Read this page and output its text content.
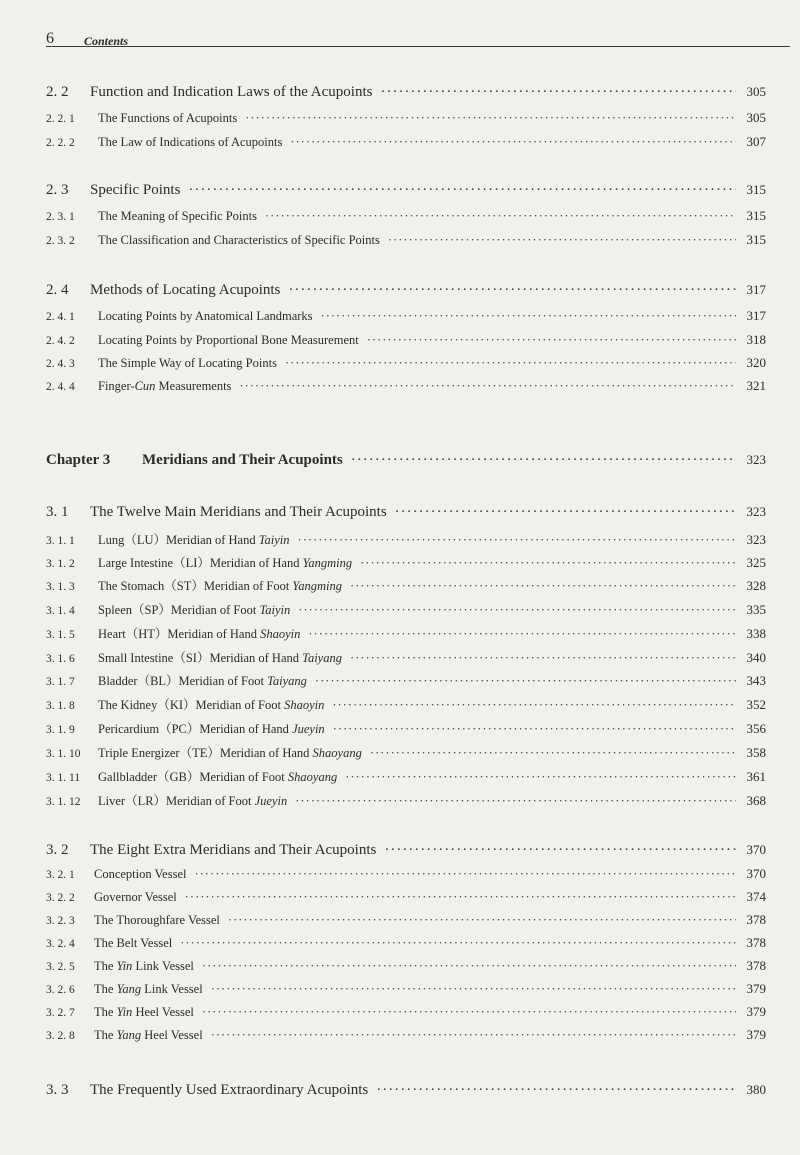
6	Contents
2. 2	Function and Indication Laws of the Acupoints ·····	305
2. 2. 1	The Functions of Acupoints ·····	305
2. 2. 2	The Law of Indications of Acupoints ·····	307
2. 3	Specific Points ·····	315
2. 3. 1	The Meaning of Specific Points ·····	315
2. 3. 2	The Classification and Characteristics of Specific Points ·····	315
2. 4	Methods of Locating Acupoints ·····	317
2. 4. 1	Locating Points by Anatomical Landmarks ·····	317
2. 4. 2	Locating Points by Proportional Bone Measurement ·····	318
2. 4. 3	The Simple Way of Locating Points ·····	320
2. 4. 4	Finger-Cun Measurements ·····	321
Chapter 3	Meridians and Their Acupoints ·····	323
3. 1	The Twelve Main Meridians and Their Acupoints ·····	323
3. 1. 1	Lung（LU）Meridian of Hand Taiyin ·····	323
3. 1. 2	Large Intestine（LI）Meridian of Hand Yangming ·····	325
3. 1. 3	The Stomach（ST）Meridian of Foot Yangming ·····	328
3. 1. 4	Spleen（SP）Meridian of Foot Taiyin ·····	335
3. 1. 5	Heart（HT）Meridian of Hand Shaoyin ·····	338
3. 1. 6	Small Intestine（SI）Meridian of Hand Taiyang ·····	340
3. 1. 7	Bladder（BL）Meridian of Foot Taiyang ·····	343
3. 1. 8	The Kidney（KI）Meridian of Foot Shaoyin ·····	352
3. 1. 9	Pericardium（PC）Meridian of Hand Jueyin ·····	356
3. 1. 10	Triple Energizer（TE）Meridian of Hand Shaoyang ·····	358
3. 1. 11	Gallbladder（GB）Meridian of Foot Shaoyang ·····	361
3. 1. 12	Liver（LR）Meridian of Foot Jueyin ·····	368
3. 2	The Eight Extra Meridians and Their Acupoints ·····	370
3. 2. 1	Conception Vessel ·····	370
3. 2. 2	Governor Vessel ·····	374
3. 2. 3	The Thoroughfare Vessel ·····	378
3. 2. 4	The Belt Vessel ·····	378
3. 2. 5	The Yin Link Vessel ·····	378
3. 2. 6	The Yang Link Vessel ·····	379
3. 2. 7	The Yin Heel Vessel ·····	379
3. 2. 8	The Yang Heel Vessel ·····	379
3. 3	The Frequently Used Extraordinary Acupoints ·····	380
